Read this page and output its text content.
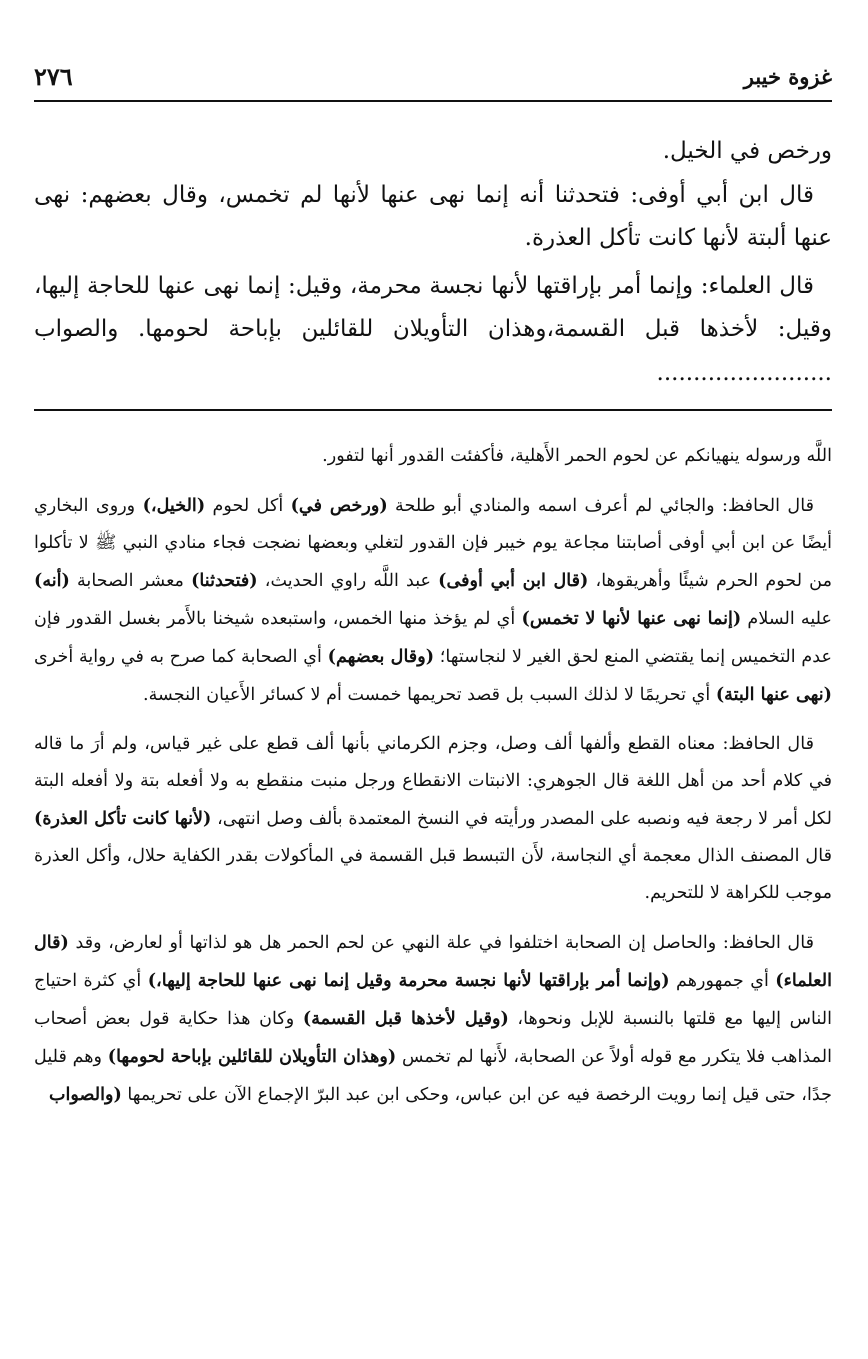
غزوة خيبر
٢٧٦

ورخص في الخيل.

قال ابن أبي أوفى: فتحدثنا أنه إنما نهى عنها لأنها لم تخمس، وقال بعضهم: نهى عنها ألبتة لأنها كانت تأكل العذرة.

قال العلماء: وإنما أمر بإراقتها لأنها نجسة محرمة، وقيل: إنما نهى عنها للحاجة إليها، وقيل: لأخذها قبل القسمة،وهذان التأويلان للقائلين بإباحة لحومها. والصواب ........................

اللَّه ورسوله ينهيانكم عن لحوم الحمر الأَهلية، فأكفئت القدور أنها لتفور.

قال الحافظ: والجائي لم أعرف اسمه والمنادي أبو طلحة (ورخص في) أكل لحوم (الخيل،) وروى البخاري أيضًا عن ابن أبي أوفى أصابتنا مجاعة يوم خيبر فإن القدور لتغلي وبعضها نضجت فجاء منادي النبي ﷺ لا تأكلوا من لحوم الحرم شيئًا وأهريقوها، (قال ابن أبي أوفى) عبد اللَّه راوي الحديث، (فتحدثنا) معشر الصحابة (أنه) عليه السلام (إنما نهى عنها لأنها لا تخمس) أي لم يؤخذ منها الخمس، واستبعده شيخنا بالأَمر بغسل القدور فإن عدم التخميس إنما يقتضي المنع لحق الغير لا لنجاستها؛ (وقال بعضهم) أي الصحابة كما صرح به في رواية أخرى (نهى عنها البتة) أي تحريمًا لا لذلك السبب بل قصد تحريمها خمست أم لا كسائر الأَعيان النجسة.

قال الحافظ: معناه القطع وألفها ألف وصل، وجزم الكرماني بأنها ألف قطع على غير قياس، ولم أرَ ما قاله في كلام أحد من أهل اللغة قال الجوهري: الانبتات الانقطاع ورجل منبت منقطع به ولا أفعله بتة ولا أفعله البتة لكل أمر لا رجعة فيه ونصبه على المصدر ورأيته في النسخ المعتمدة بألف وصل انتهى، (لأنها كانت تأكل العذرة) قال المصنف الذال معجمة أي النجاسة، لأَن التبسط قبل القسمة في المأكولات بقدر الكفاية حلال، وأكل العذرة موجب للكراهة لا للتحريم.

قال الحافظ: والحاصل إن الصحابة اختلفوا في علة النهي عن لحم الحمر هل هو لذاتها أو لعارض، وقد (قال العلماء) أي جمهورهم (وإنما أمر بإراقتها لأنها نجسة محرمة وقيل إنما نهى عنها للحاجة إليها،) أي كثرة احتياج الناس إليها مع قلتها بالنسبة للإبل ونحوها، (وقيل لأخذها قبل القسمة) وكان هذا حكاية قول بعض أصحاب المذاهب فلا يتكرر مع قوله أولاً عن الصحابة، لأَنها لم تخمس (وهذان التأويلان للقائلين بإباحة لحومها) وهم قليل جدًا، حتى قيل إنما رويت الرخصة فيه عن ابن عباس، وحكى ابن عبد البرّ الإجماع الآن على تحريمها (والصواب
